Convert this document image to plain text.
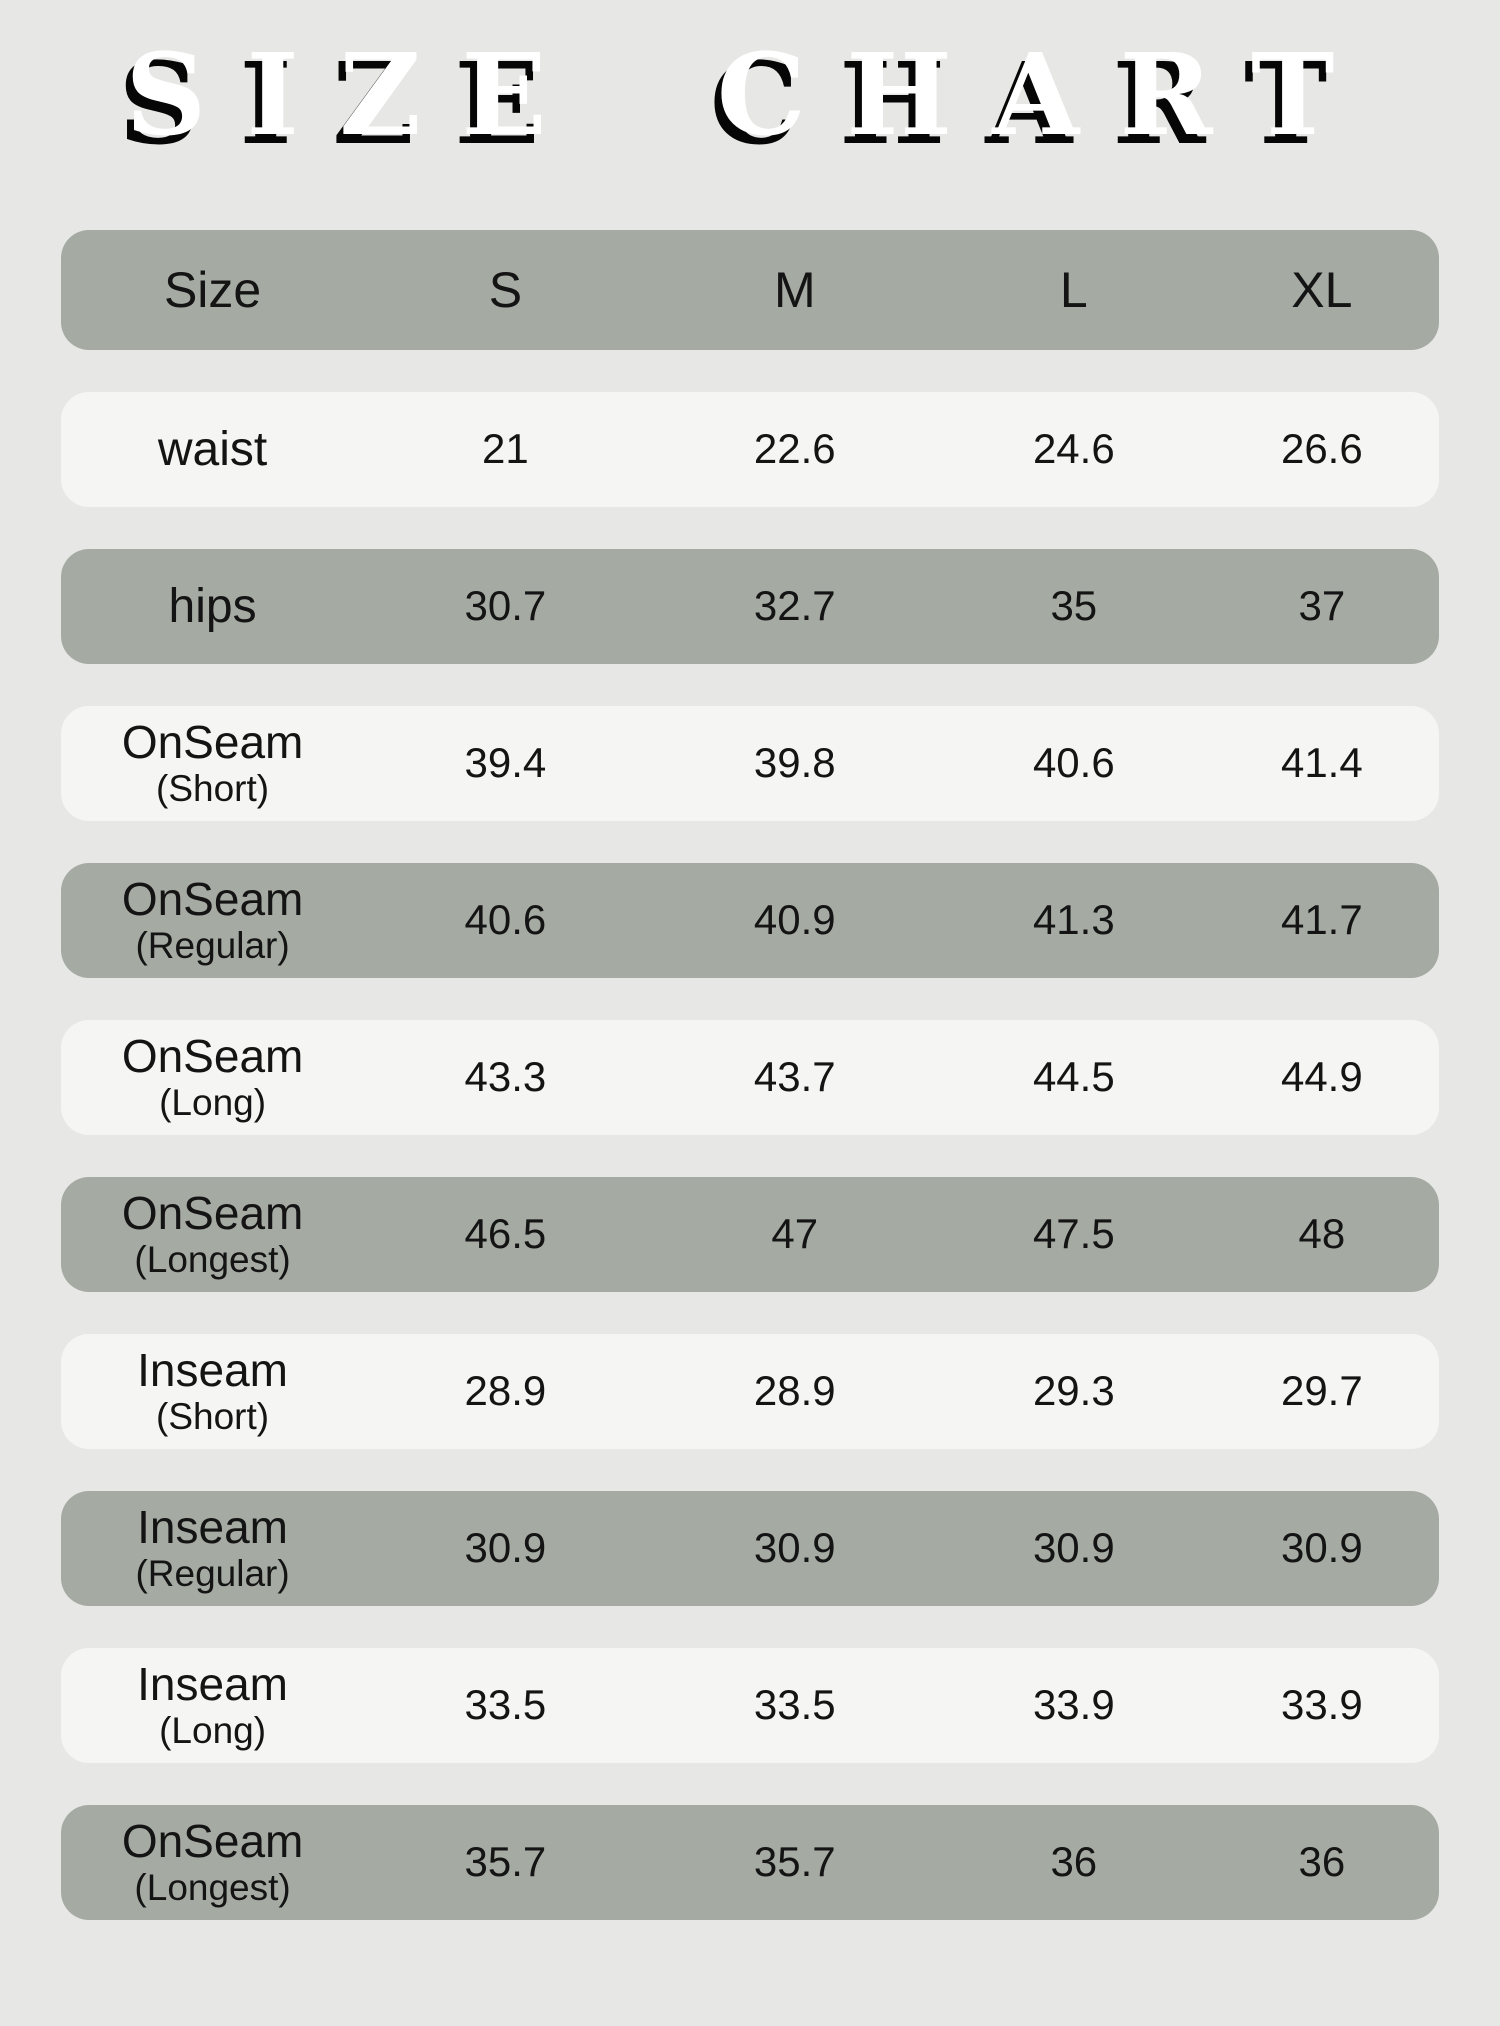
SIZE CHART
Size	S	M	L	XL
waist	21	22.6	24.6	26.6
hips	30.7	32.7	35	37
OnSeam
(Short)
39.4	39.8	40.6	41.4
OnSeam
(Regular)
40.6	40.9	41.3	41.7
OnSeam
(Long)
43.3	43.7	44.5	44.9
OnSeam
(Longest)
46.5	47	47.5	48
Inseam
(Short)
28.9	28.9	29.3	29.7
Inseam
(Regular)
30.9	30.9	30.9	30.9
Inseam
(Long)
33.5	33.5	33.9	33.9
OnSeam
(Longest)
35.7	35.7	36	36
